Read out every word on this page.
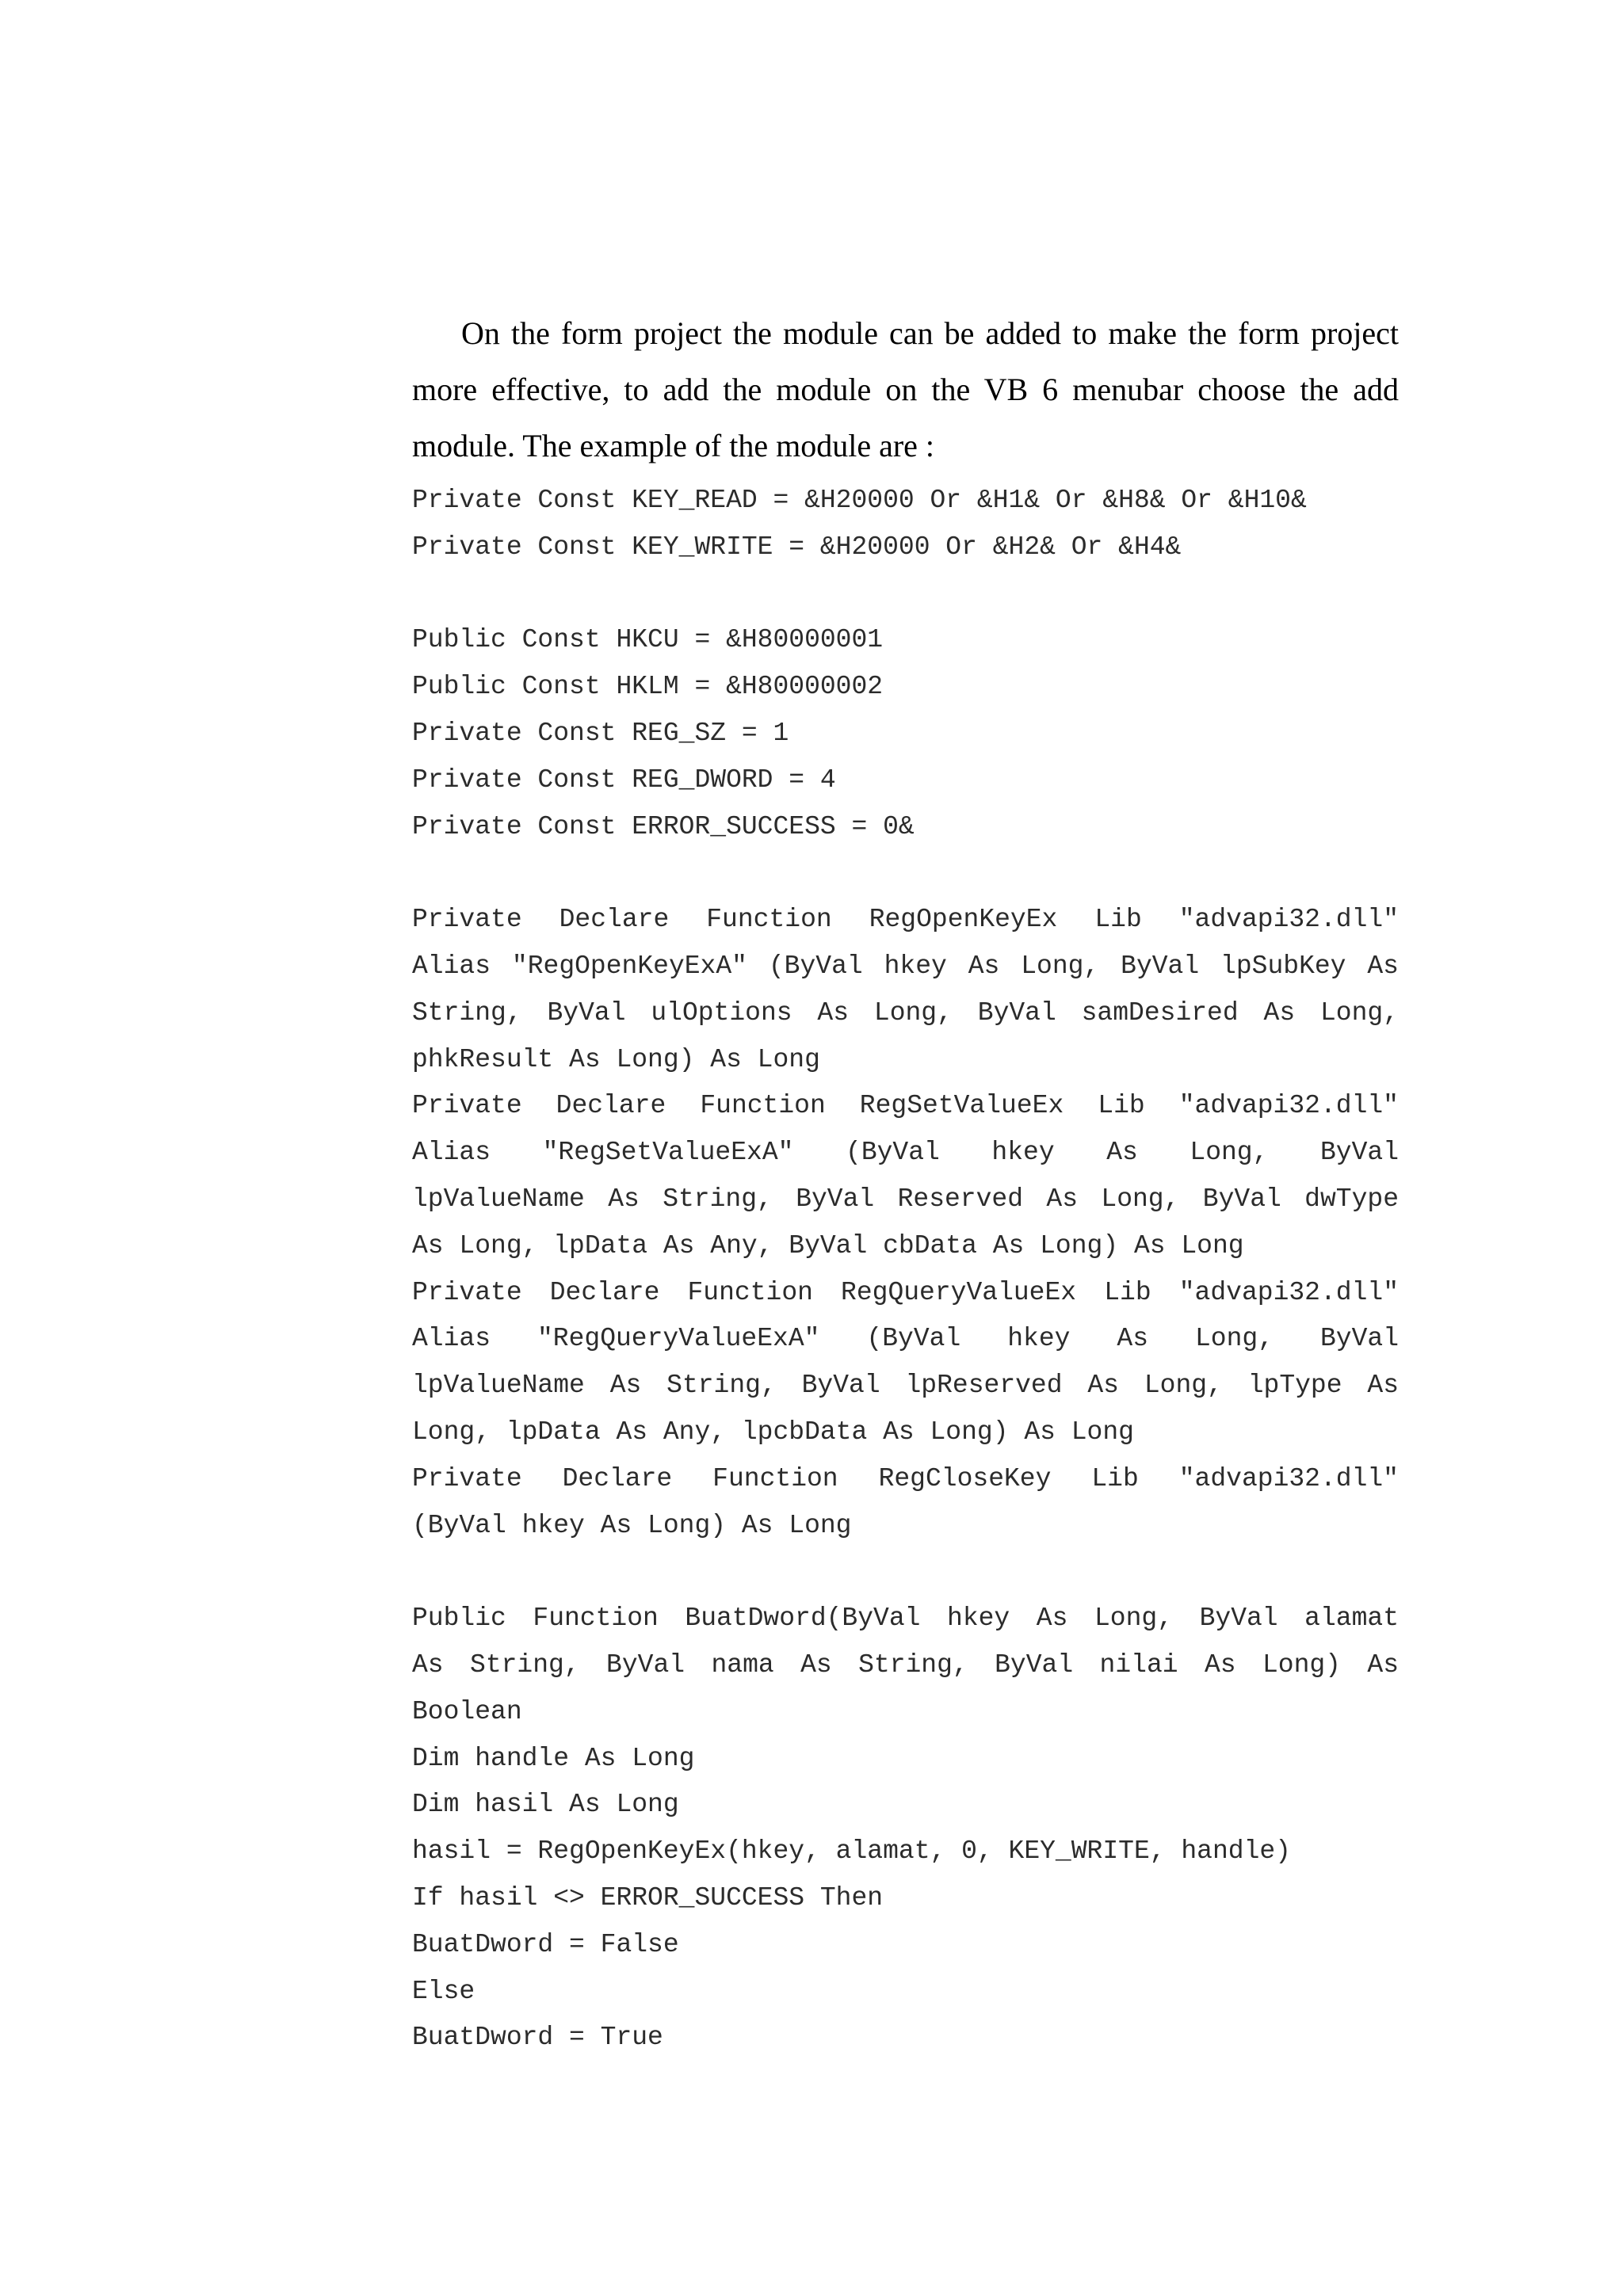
On the form project the module can be added to make the form project more effective, to add the module on the VB 6 menubar choose the add module. The example of the module are :

Private Const KEY_READ = &H20000 Or &H1& Or &H8& Or &H10&
Private Const KEY_WRITE = &H20000 Or &H2& Or &H4&
Public Const HKCU = &H80000001
Public Const HKLM = &H80000002
Private Const REG_SZ = 1
Private Const REG_DWORD = 4
Private Const ERROR_SUCCESS = 0&
Private Declare Function RegOpenKeyEx Lib "advapi32.dll"
Alias "RegOpenKeyExA" (ByVal hkey As Long, ByVal lpSubKey As
String, ByVal ulOptions As Long, ByVal samDesired As Long,
phkResult As Long) As Long
Private Declare Function RegSetValueEx Lib "advapi32.dll"
Alias "RegSetValueExA" (ByVal hkey As Long, ByVal
lpValueName As String, ByVal Reserved As Long, ByVal dwType
As Long, lpData As Any, ByVal cbData As Long) As Long
Private Declare Function RegQueryValueEx Lib "advapi32.dll"
Alias "RegQueryValueExA" (ByVal hkey As Long, ByVal
lpValueName As String, ByVal lpReserved As Long, lpType As
Long, lpData As Any, lpcbData As Long) As Long
Private Declare Function RegCloseKey Lib "advapi32.dll"
(ByVal hkey As Long) As Long
Public Function BuatDword(ByVal hkey As Long, ByVal alamat
As String, ByVal nama As String, ByVal nilai As Long) As
Boolean
Dim handle As Long
Dim hasil As Long
hasil = RegOpenKeyEx(hkey, alamat, 0, KEY_WRITE, handle)
If hasil <> ERROR_SUCCESS Then
BuatDword = False
Else
BuatDword = True
